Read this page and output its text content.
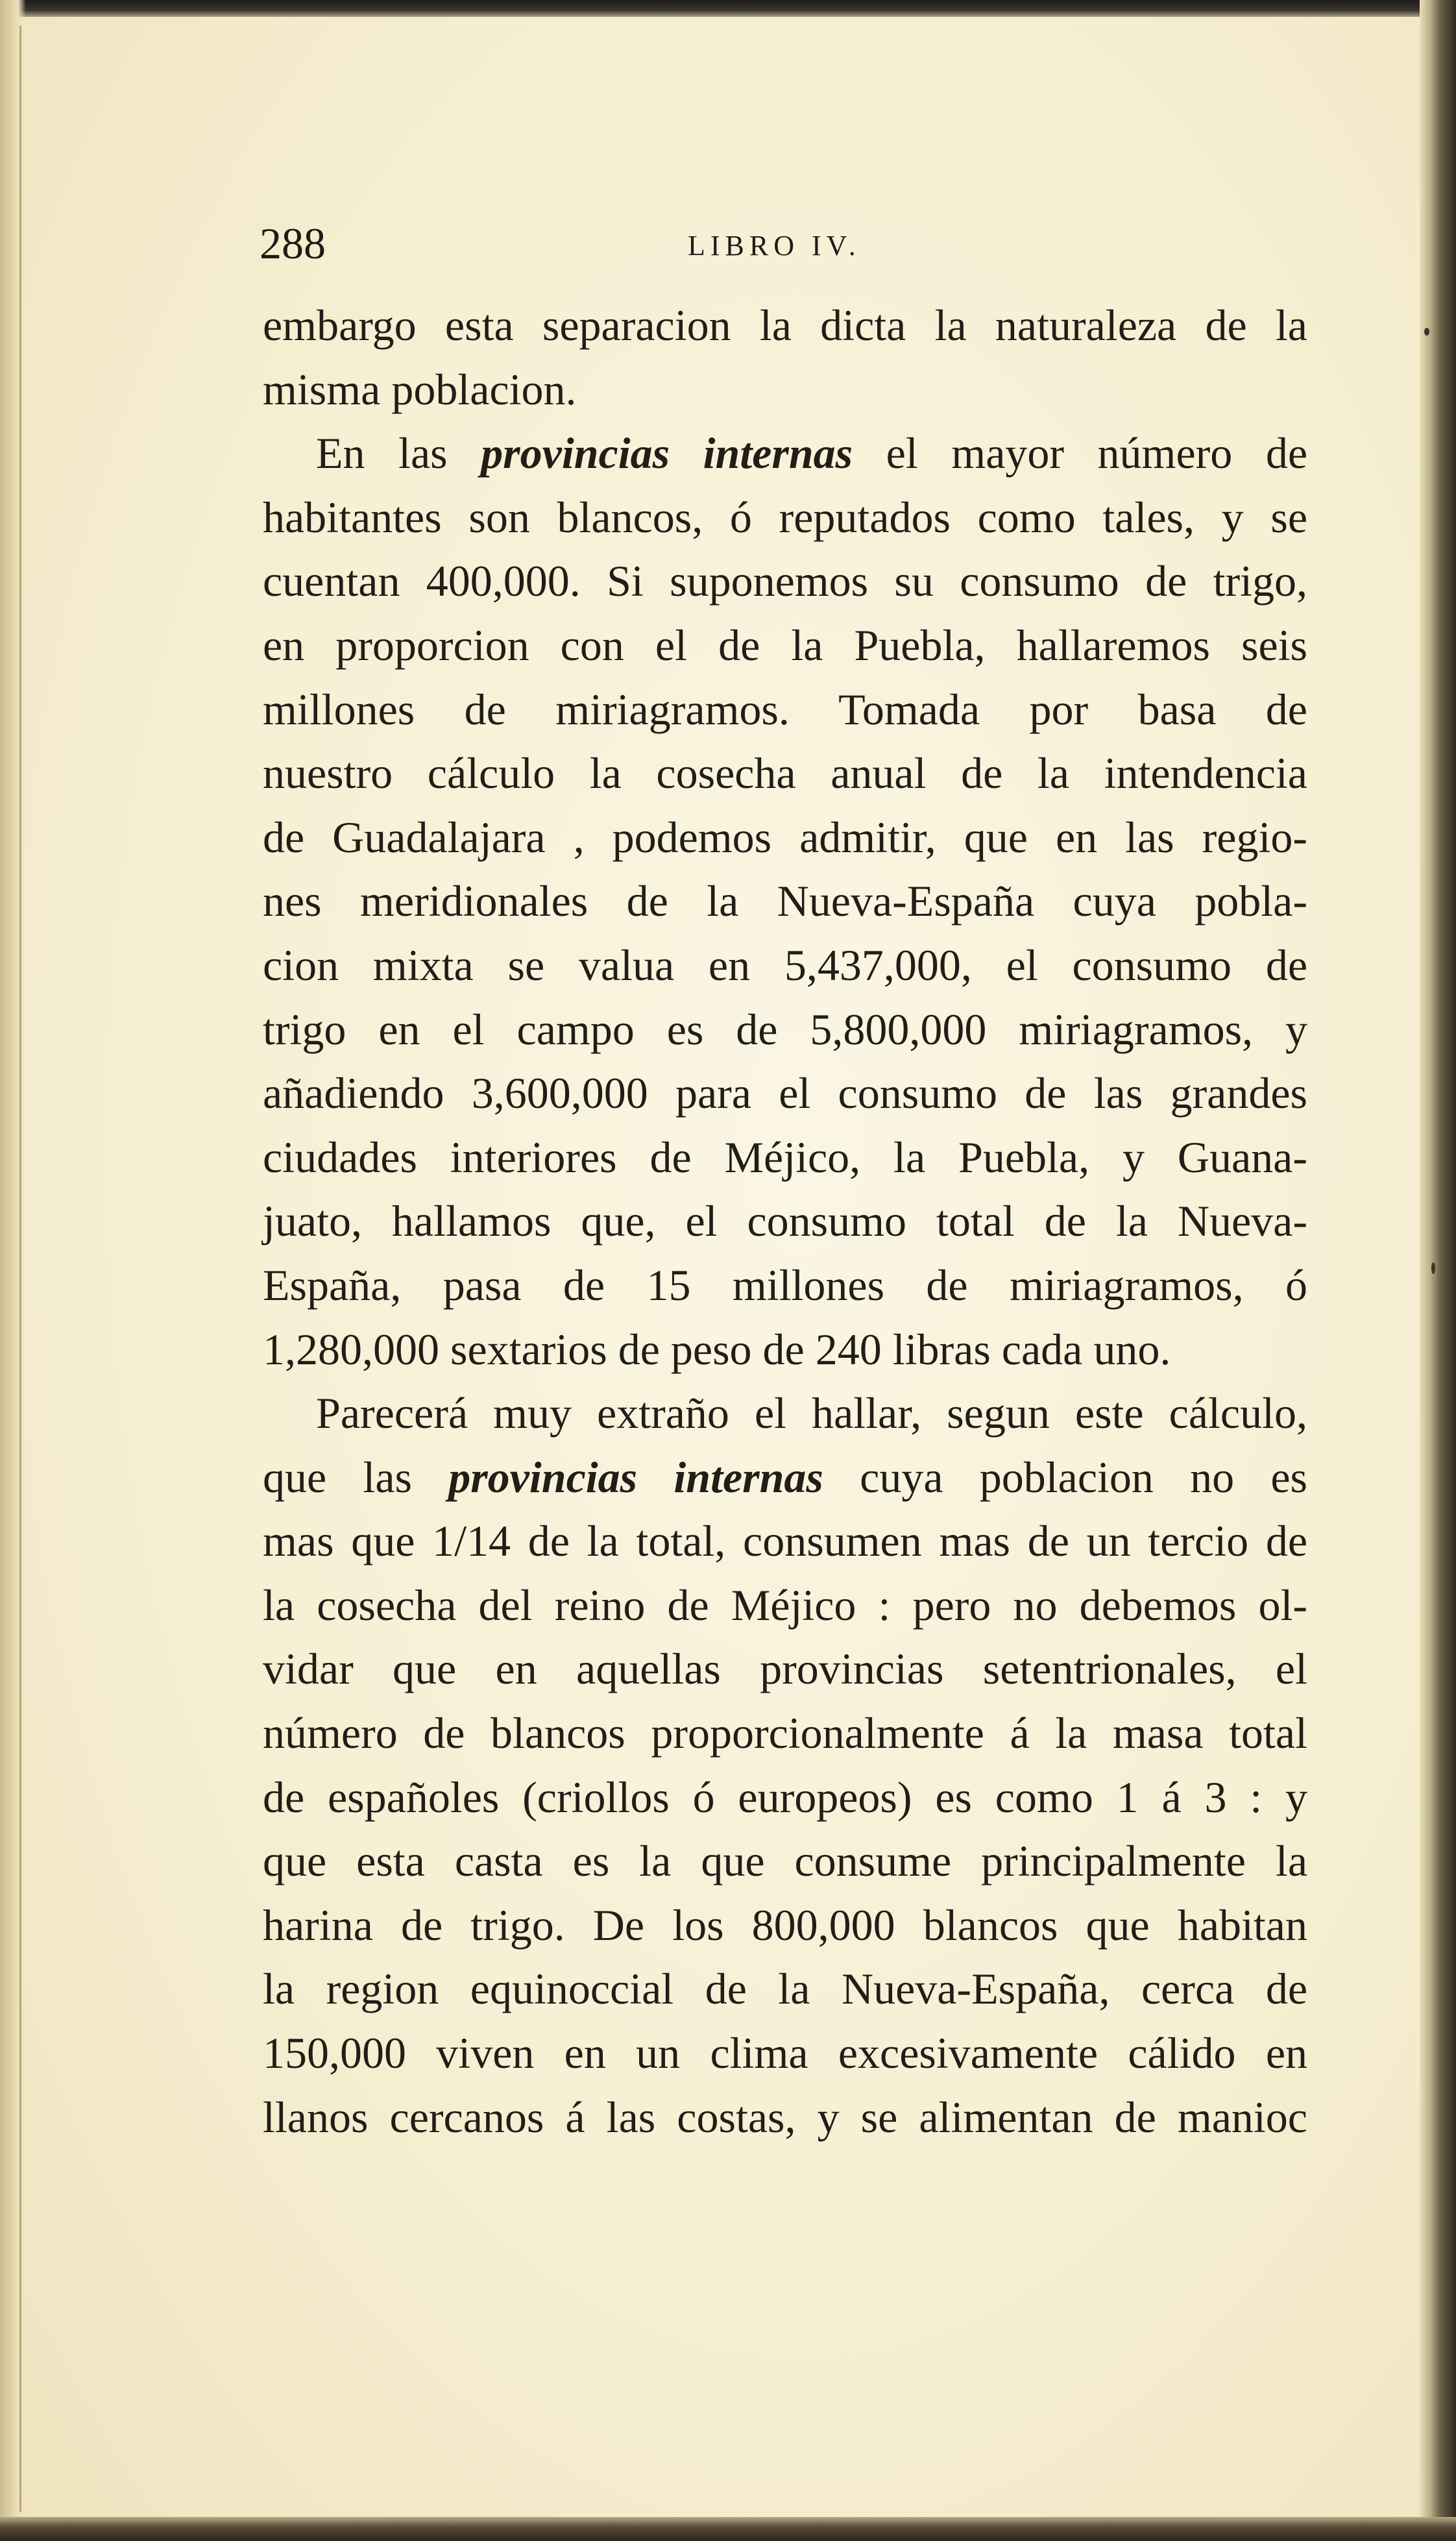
288	LIBRO IV.
embargo esta separacion la dicta la naturaleza de la
misma poblacion.
En las provincias internas el mayor número de
habitantes son blancos, ó reputados como tales, y se
cuentan 400,000. Si suponemos su consumo de trigo,
en proporcion con el de la Puebla, hallaremos seis
millones de miriagramos. Tomada por basa de
nuestro cálculo la cosecha anual de la intendencia
de Guadalajara , podemos admitir, que en las regio-
nes meridionales de la Nueva-España cuya pobla-
cion mixta se valua en 5,437,000, el consumo de
trigo en el campo es de 5,800,000 miriagramos, y
añadiendo 3,600,000 para el consumo de las grandes
ciudades interiores de Méjico, la Puebla, y Guana-
juato, hallamos que, el consumo total de la Nueva-
España, pasa de 15 millones de miriagramos, ó
1,280,000 sextarios de peso de 240 libras cada uno.
Parecerá muy extraño el hallar, segun este cálculo,
que las provincias internas cuya poblacion no es
mas que 1/14 de la total, consumen mas de un tercio de
la cosecha del reino de Méjico : pero no debemos ol-
vidar que en aquellas provincias setentrionales, el
número de blancos proporcionalmente á la masa total
de españoles (criollos ó europeos) es como 1 á 3 : y
que esta casta es la que consume principalmente la
harina de trigo. De los 800,000 blancos que habitan
la region equinoccial de la Nueva-España, cerca de
150,000 viven en un clima excesivamente cálido en
llanos cercanos á las costas, y se alimentan de manioc
